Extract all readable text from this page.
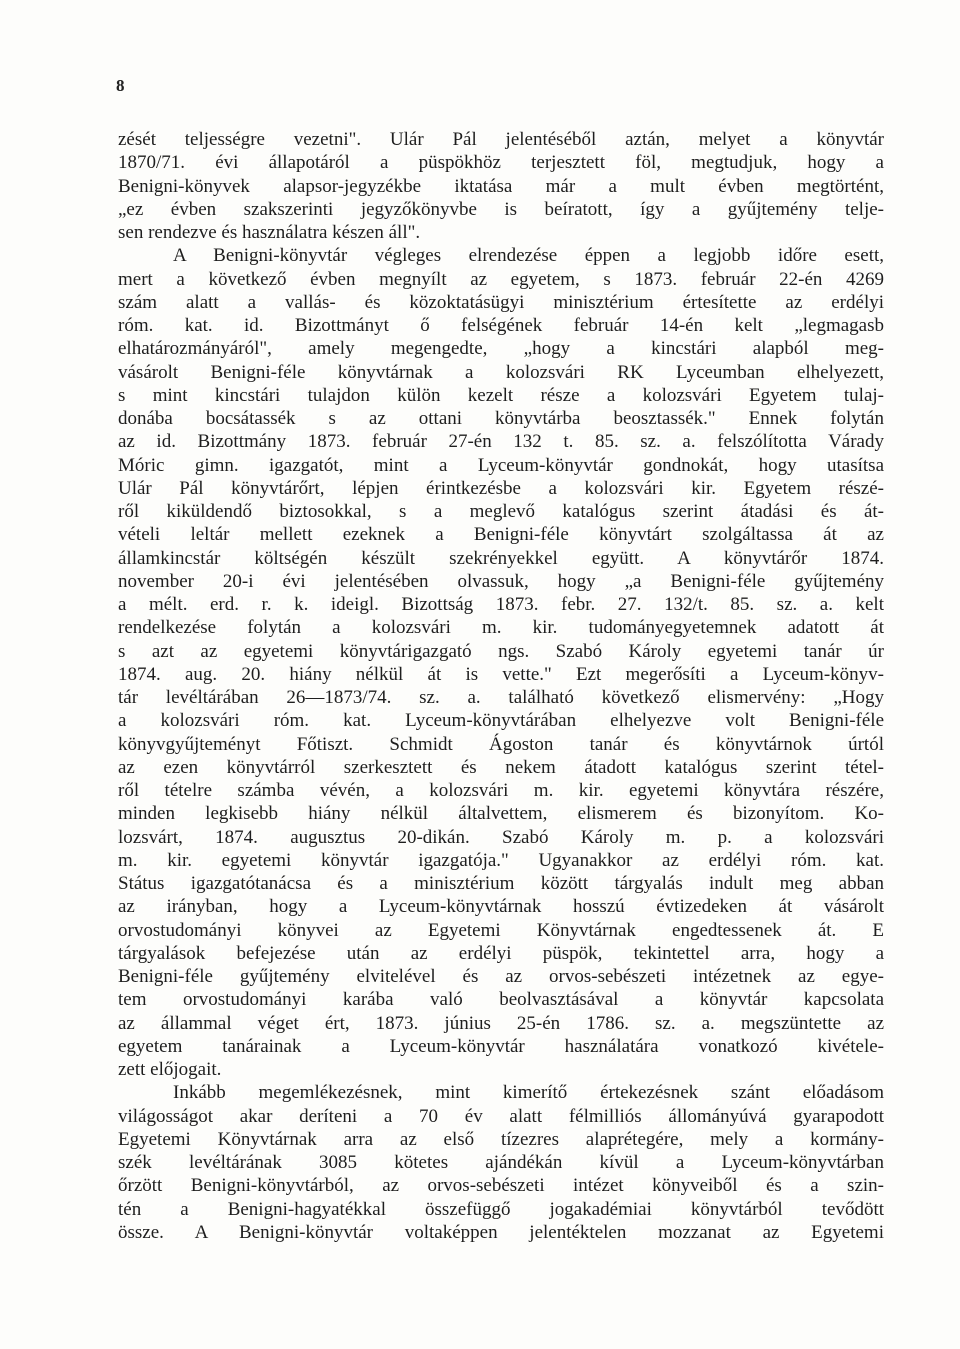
8
zését teljességre vezetni". Ulár Pál jelentéséből aztán, melyet a könyvtár
1870/71. évi állapotáról a püspökhöz terjesztett föl, megtudjuk, hogy a
Benigni-könyvek alapsor-jegyzékbe iktatása már a mult évben megtörtént,
„ez évben szakszerinti jegyzőkönyvbe is beíratott, így a gyűjtemény telje-
sen rendezve és használatra készen áll".
A Benigni-könyvtár végleges elrendezése éppen a legjobb időre esett,
mert a következő évben megnyílt az egyetem, s 1873. február 22-én 4269
szám alatt a vallás- és közoktatásügyi minisztérium értesítette az erdélyi
róm. kat. id. Bizottmányt ő felségének február 14-én kelt „legmagasb
elhatározmányáról", amely megengedte, „hogy a kincstári alapból meg-
vásárolt Benigni-féle könyvtárnak a kolozsvári RK Lyceumban elhelyezett,
s mint kincstári tulajdon külön kezelt része a kolozsvári Egyetem tulaj-
donába bocsátassék s az ottani könyvtárba beosztassék." Ennek folytán
az id. Bizottmány 1873. február 27-én 132 t. 85. sz. a. felszólította Várady
Móric gimn. igazgatót, mint a Lyceum-könyvtár gondnokát, hogy utasítsa
Ulár Pál könyvtárőrt, lépjen érintkezésbe a kolozsvári kir. Egyetem részé-
ről kiküldendő biztosokkal, s a meglevő katalógus szerint átadási és át-
vételi leltár mellett ezeknek a Benigni-féle könyvtárt szolgáltassa át az
államkincstár költségén készült szekrényekkel együtt. A könyvtárőr 1874.
november 20-i évi jelentésében olvassuk, hogy „a Benigni-féle gyűjtemény
a mélt. erd. r. k. ideigl. Bizottság 1873. febr. 27. 132/t. 85. sz. a. kelt
rendelkezése folytán a kolozsvári m. kir. tudományegyetemnek adatott át
s azt az egyetemi könyvtárigazgató ngs. Szabó Károly egyetemi tanár úr
1874. aug. 20. hiány nélkül át is vette." Ezt megerősíti a Lyceum-könyv-
tár levéltárában 26—1873/74. sz. a. található következő elismervény: „Hogy
a kolozsvári róm. kat. Lyceum-könyvtárában elhelyezve volt Benigni-féle
könyvgyűjteményt Főtiszt. Schmidt Ágoston tanár és könyvtárnok úrtól
az ezen könyvtárról szerkesztett és nekem átadott katalógus szerint tétel-
ről tételre számba vévén, a kolozsvári m. kir. egyetemi könyvtára részére,
minden legkisebb hiány nélkül általvettem, elismerem és bizonyítom. Ko-
lozsvárt, 1874. augusztus 20-dikán. Szabó Károly m. p. a kolozsvári
m. kir. egyetemi könyvtár igazgatója." Ugyanakkor az erdélyi róm. kat.
Státus igazgatótanácsa és a minisztérium között tárgyalás indult meg abban
az irányban, hogy a Lyceum-könyvtárnak hosszú évtizedeken át vásárolt
orvostudományi könyvei az Egyetemi Könyvtárnak engedtessenek át. E
tárgyalások befejezése után az erdélyi püspök, tekintettel arra, hogy a
Benigni-féle gyűjtemény elvitelével és az orvos-sebészeti intézetnek az egye-
tem orvostudományi karába való beolvasztásával a könyvtár kapcsolata
az állammal véget ért, 1873. június 25-én 1786. sz. a. megszüntette az
egyetem tanárainak a Lyceum-könyvtár használatára vonatkozó kivétele-
zett előjogait.
Inkább megemlékezésnek, mint kimerítő értekezésnek szánt előadásom
világosságot akar deríteni a 70 év alatt félmilliós állományúvá gyarapodott
Egyetemi Könyvtárnak arra az első tízezres alaprétegére, mely a kormány-
szék levéltárának 3085 kötetes ajándékán kívül a Lyceum-könyvtárban
őrzött Benigni-könyvtárból, az orvos-sebészeti intézet könyveiből és a szin-
tén a Benigni-hagyatékkal összefüggő jogakadémiai könyvtárból tevődött
össze. A Benigni-könyvtár voltaképpen jelentéktelen mozzanat az Egyetemi
